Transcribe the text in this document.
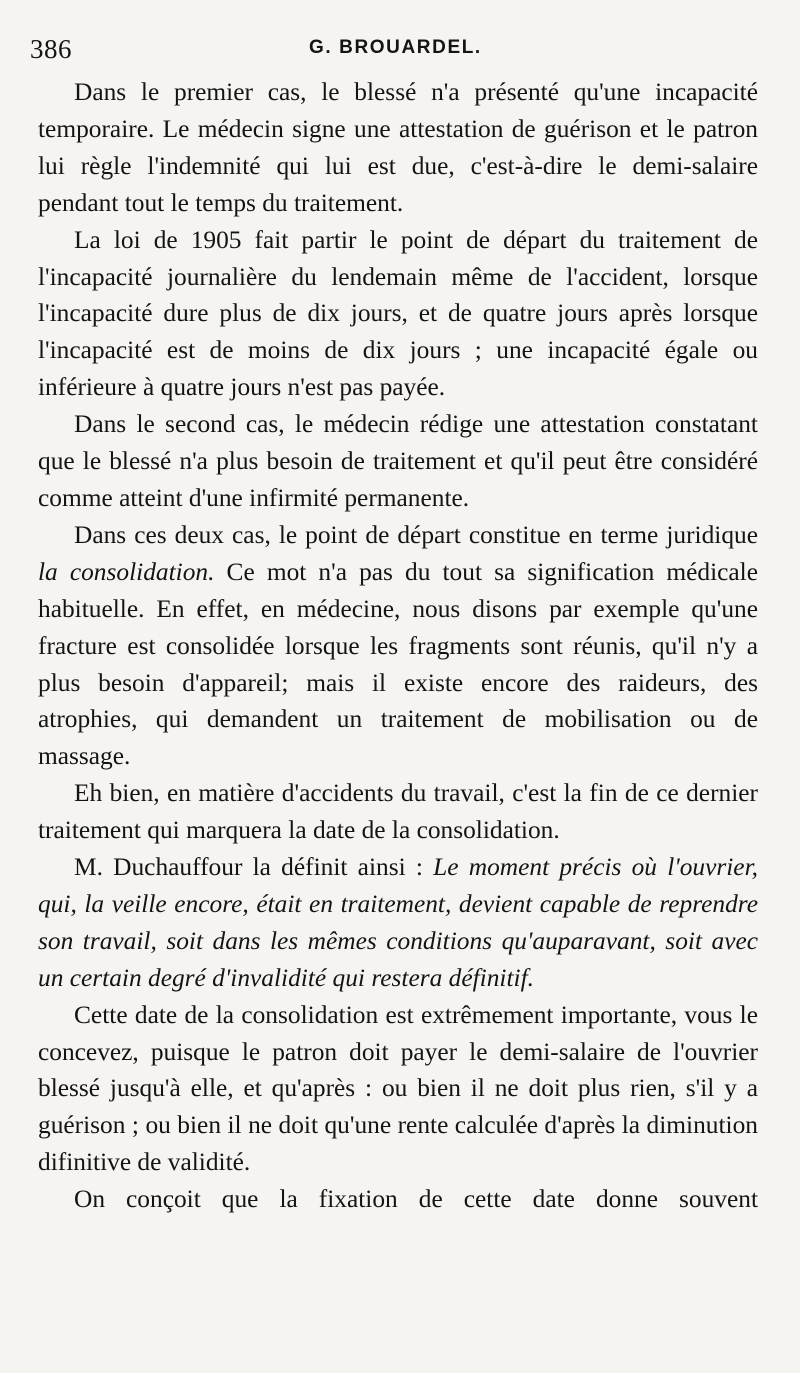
386	G. BROUARDEL.

Dans le premier cas, le blessé n'a présenté qu'une incapacité temporaire. Le médecin signe une attestation de guérison et le patron lui règle l'indemnité qui lui est due, c'est-à-dire le demi-salaire pendant tout le temps du traitement.

La loi de 1905 fait partir le point de départ du traitement de l'incapacité journalière du lendemain même de l'accident, lorsque l'incapacité dure plus de dix jours, et de quatre jours après lorsque l'incapacité est de moins de dix jours ; une incapacité égale ou inférieure à quatre jours n'est pas payée.

Dans le second cas, le médecin rédige une attestation constatant que le blessé n'a plus besoin de traitement et qu'il peut être considéré comme atteint d'une infirmité permanente.

Dans ces deux cas, le point de départ constitue en terme juridique la consolidation. Ce mot n'a pas du tout sa signification médicale habituelle. En effet, en médecine, nous disons par exemple qu'une fracture est consolidée lorsque les fragments sont réunis, qu'il n'y a plus besoin d'appareil; mais il existe encore des raideurs, des atrophies, qui demandent un traitement de mobilisation ou de massage.

Eh bien, en matière d'accidents du travail, c'est la fin de ce dernier traitement qui marquera la date de la consolidation.

M. Duchauffour la définit ainsi : Le moment précis où l'ouvrier, qui, la veille encore, était en traitement, devient capable de reprendre son travail, soit dans les mêmes conditions qu'auparavant, soit avec un certain degré d'invalidité qui restera définitif.

Cette date de la consolidation est extrêmement importante, vous le concevez, puisque le patron doit payer le demi-salaire de l'ouvrier blessé jusqu'à elle, et qu'après : ou bien il ne doit plus rien, s'il y a guérison ; ou bien il ne doit qu'une rente calculée d'après la diminution difinitive de validité.

On conçoit que la fixation de cette date donne souvent
